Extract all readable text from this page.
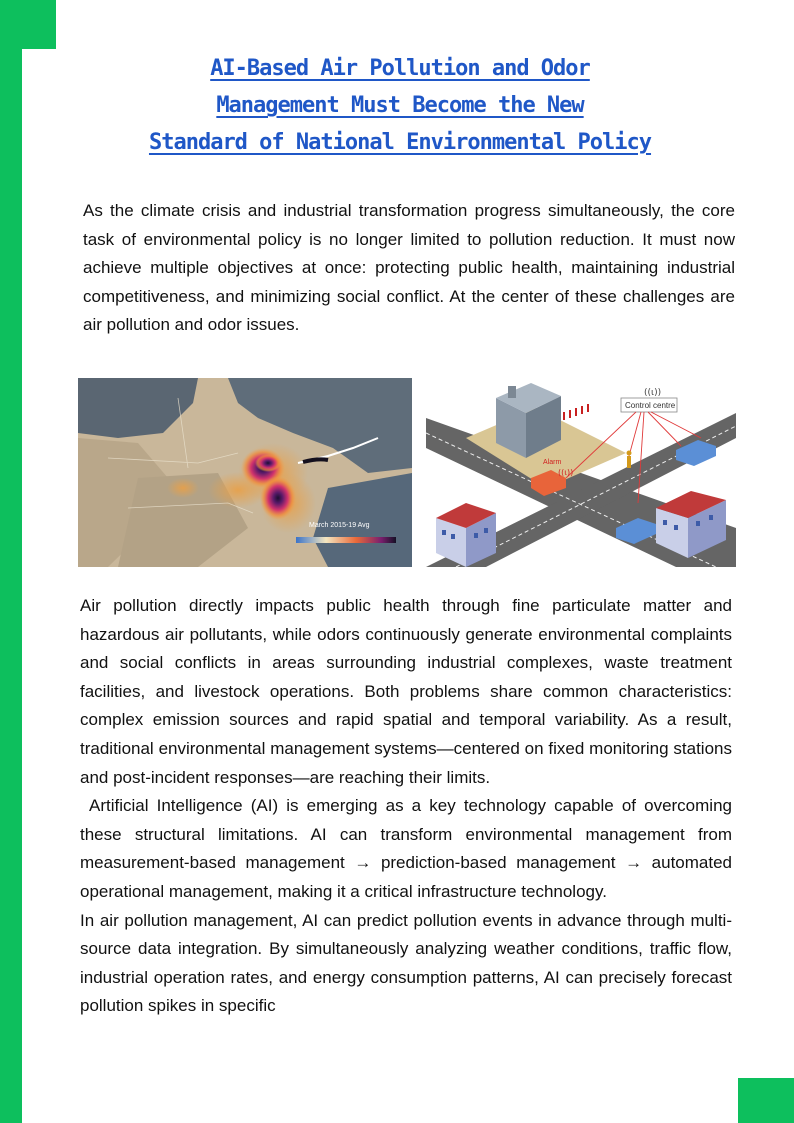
AI-Based Air Pollution and Odor
Management Must Become the New
Standard of National Environmental Policy

As the climate crisis and industrial transformation progress simultaneously, the core task of environmental policy is no longer limited to pollution reduction. It must now achieve multiple objectives at once: protecting public health, maintaining industrial competitiveness, and minimizing social conflict. At the center of these challenges are air pollution and odor issues.

March 2015-19 Avg
Control centre
((ι))
Alarm
((ι))

Air pollution directly impacts public health through fine particulate matter and hazardous air pollutants, while odors continuously generate environmental complaints and social conflicts in areas surrounding industrial complexes, waste treatment facilities, and livestock operations. Both problems share common characteristics: complex emission sources and rapid spatial and temporal variability. As a result, traditional environmental management systems—centered on fixed monitoring stations and post-incident responses—are reaching their limits.

Artificial Intelligence (AI) is emerging as a key technology capable of overcoming these structural limitations. AI can transform environmental management from measurement-based management → prediction-based management → automated operational management, making it a critical infrastructure technology.

In air pollution management, AI can predict pollution events in advance through multi-source data integration. By simultaneously analyzing weather conditions, traffic flow, industrial operation rates, and energy consumption patterns, AI can precisely forecast pollution spikes in specific
